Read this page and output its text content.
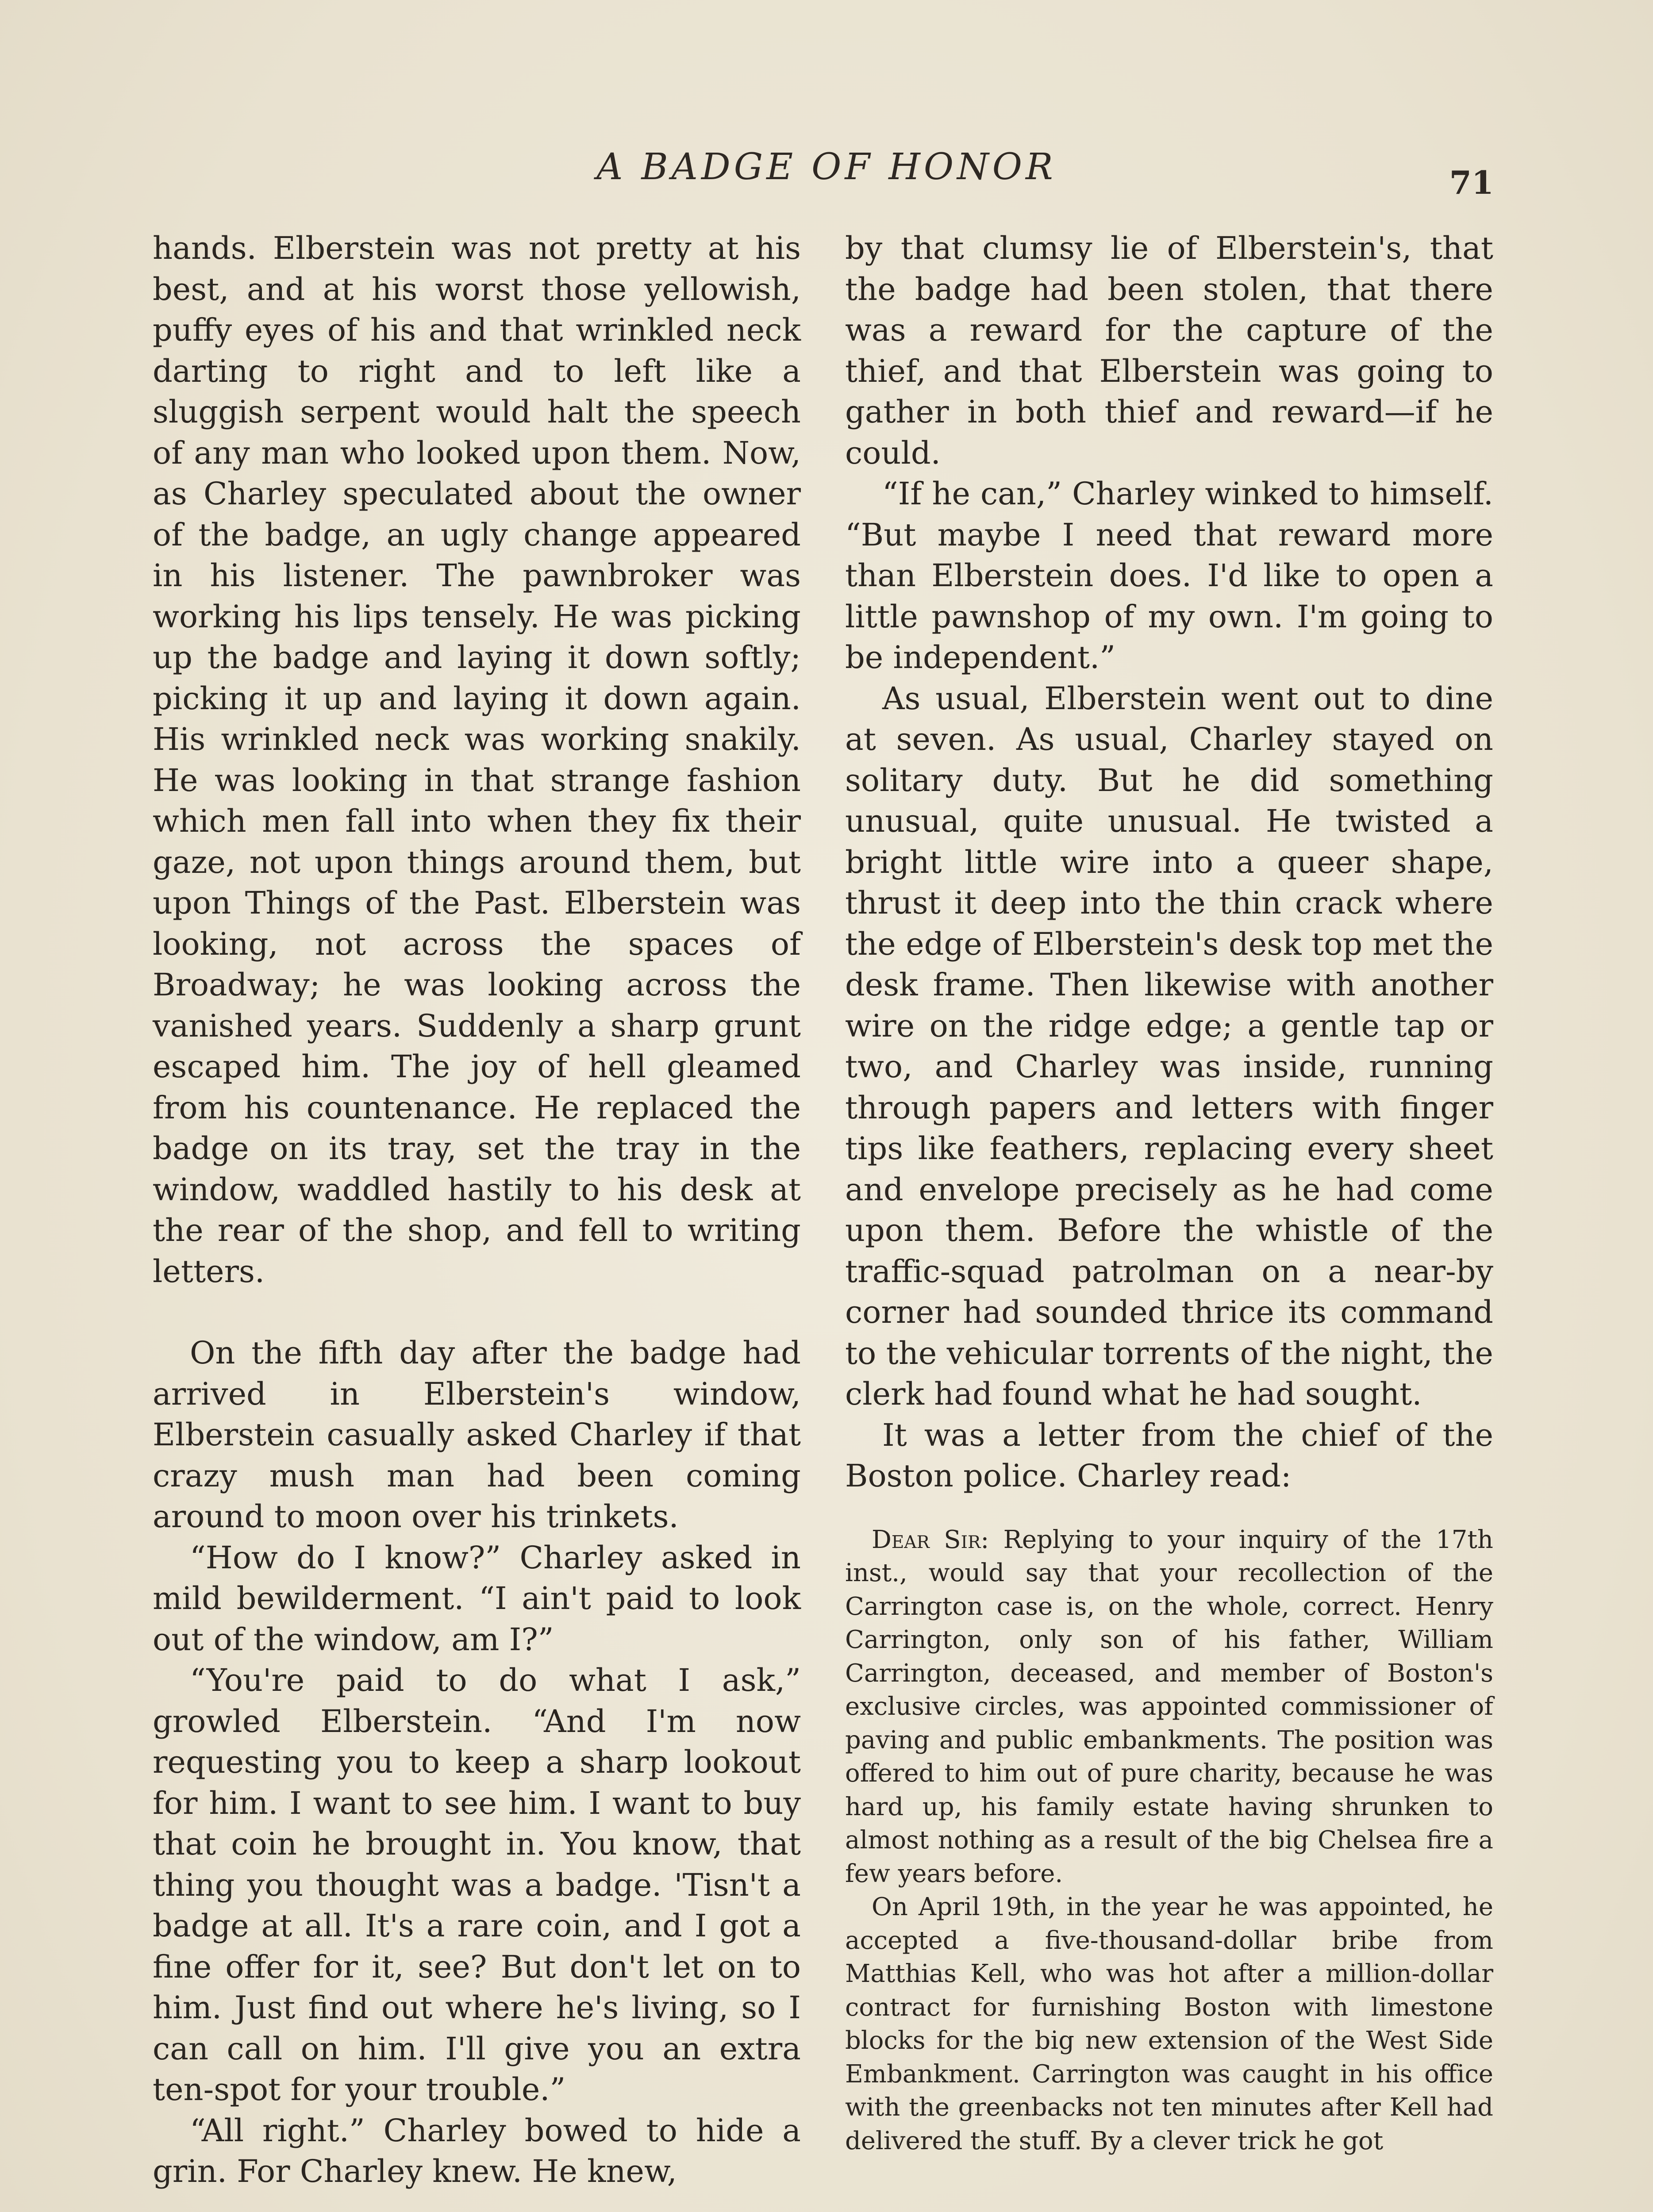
A BADGE OF HONOR	71

hands. Elberstein was not pretty at his best, and at his worst those yellowish, puffy eyes of his and that wrinkled neck darting to right and to left like a sluggish serpent would halt the speech of any man who looked upon them. Now, as Charley speculated about the owner of the badge, an ugly change appeared in his listener. The pawnbroker was working his lips tensely. He was picking up the badge and laying it down softly; picking it up and laying it down again. His wrinkled neck was working snakily. He was looking in that strange fashion which men fall into when they fix their gaze, not upon things around them, but upon Things of the Past. Elberstein was looking, not across the spaces of Broadway; he was looking across the vanished years. Suddenly a sharp grunt escaped him. The joy of hell gleamed from his countenance. He replaced the badge on its tray, set the tray in the window, waddled hastily to his desk at the rear of the shop, and fell to writing letters.

On the fifth day after the badge had arrived in Elberstein's window, Elberstein casually asked Charley if that crazy mush man had been coming around to moon over his trinkets.

“How do I know?” Charley asked in mild bewilderment. “I ain't paid to look out of the window, am I?”

“You're paid to do what I ask,” growled Elberstein. “And I'm now requesting you to keep a sharp lookout for him. I want to see him. I want to buy that coin he brought in. You know, that thing you thought was a badge. 'Tisn't a badge at all. It's a rare coin, and I got a fine offer for it, see? But don't let on to him. Just find out where he's living, so I can call on him. I'll give you an extra ten-spot for your trouble.”

“All right.” Charley bowed to hide a grin. For Charley knew. He knew,

by that clumsy lie of Elberstein's, that the badge had been stolen, that there was a reward for the capture of the thief, and that Elberstein was going to gather in both thief and reward—if he could.

“If he can,” Charley winked to himself. “But maybe I need that reward more than Elberstein does. I'd like to open a little pawnshop of my own. I'm going to be independent.”

As usual, Elberstein went out to dine at seven. As usual, Charley stayed on solitary duty. But he did something unusual, quite unusual. He twisted a bright little wire into a queer shape, thrust it deep into the thin crack where the edge of Elberstein's desk top met the desk frame. Then likewise with another wire on the ridge edge; a gentle tap or two, and Charley was inside, running through papers and letters with finger tips like feathers, replacing every sheet and envelope precisely as he had come upon them. Before the whistle of the traffic-squad patrolman on a near-by corner had sounded thrice its command to the vehicular torrents of the night, the clerk had found what he had sought.

It was a letter from the chief of the Boston police. Charley read:

Dear Sir: Replying to your inquiry of the 17th inst., would say that your recollection of the Carrington case is, on the whole, correct. Henry Carrington, only son of his father, William Carrington, deceased, and member of Boston's exclusive circles, was appointed commissioner of paving and public embankments. The position was offered to him out of pure charity, because he was hard up, his family estate having shrunken to almost nothing as a result of the big Chelsea fire a few years before.

On April 19th, in the year he was appointed, he accepted a five-thousand-dollar bribe from Matthias Kell, who was hot after a million-dollar contract for furnishing Boston with limestone blocks for the big new extension of the West Side Embankment. Carrington was caught in his office with the greenbacks not ten minutes after Kell had delivered the stuff. By a clever trick he got
